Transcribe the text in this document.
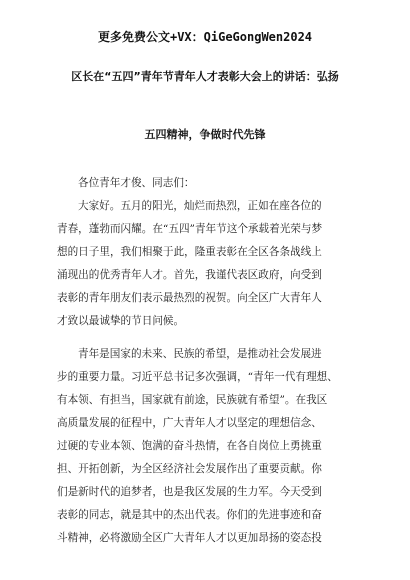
更多免费公文+VX：QiGeGongWen2024
区长在“五四”青年节青年人才表彰大会上的讲话：弘扬
五四精神，争做时代先锋
各位青年才俊、同志们：
大家好。五月的阳光，灿烂而热烈，正如在座各位的
青春，蓬勃而闪耀。在“五四”青年节这个承载着光荣与梦
想的日子里，我们相聚于此，隆重表彰在全区各条战线上
涌现出的优秀青年人才。首先，我谨代表区政府，向受到
表彰的青年朋友们表示最热烈的祝贺。向全区广大青年人
才致以最诚挚的节日问候。
青年是国家的未来、民族的希望，是推动社会发展进
步的重要力量。习近平总书记多次强调，“青年一代有理想、
有本领、有担当，国家就有前途，民族就有希望”。在我区
高质量发展的征程中，广大青年人才以坚定的理想信念、
过硬的专业本领、饱满的奋斗热情，在各自岗位上勇挑重
担、开拓创新，为全区经济社会发展作出了重要贡献。你
们是新时代的追梦者，也是我区发展的生力军。今天受到
表彰的同志，就是其中的杰出代表。你们的先进事迹和奋
斗精神，必将激励全区广大青年人才以更加昂扬的姿态投
